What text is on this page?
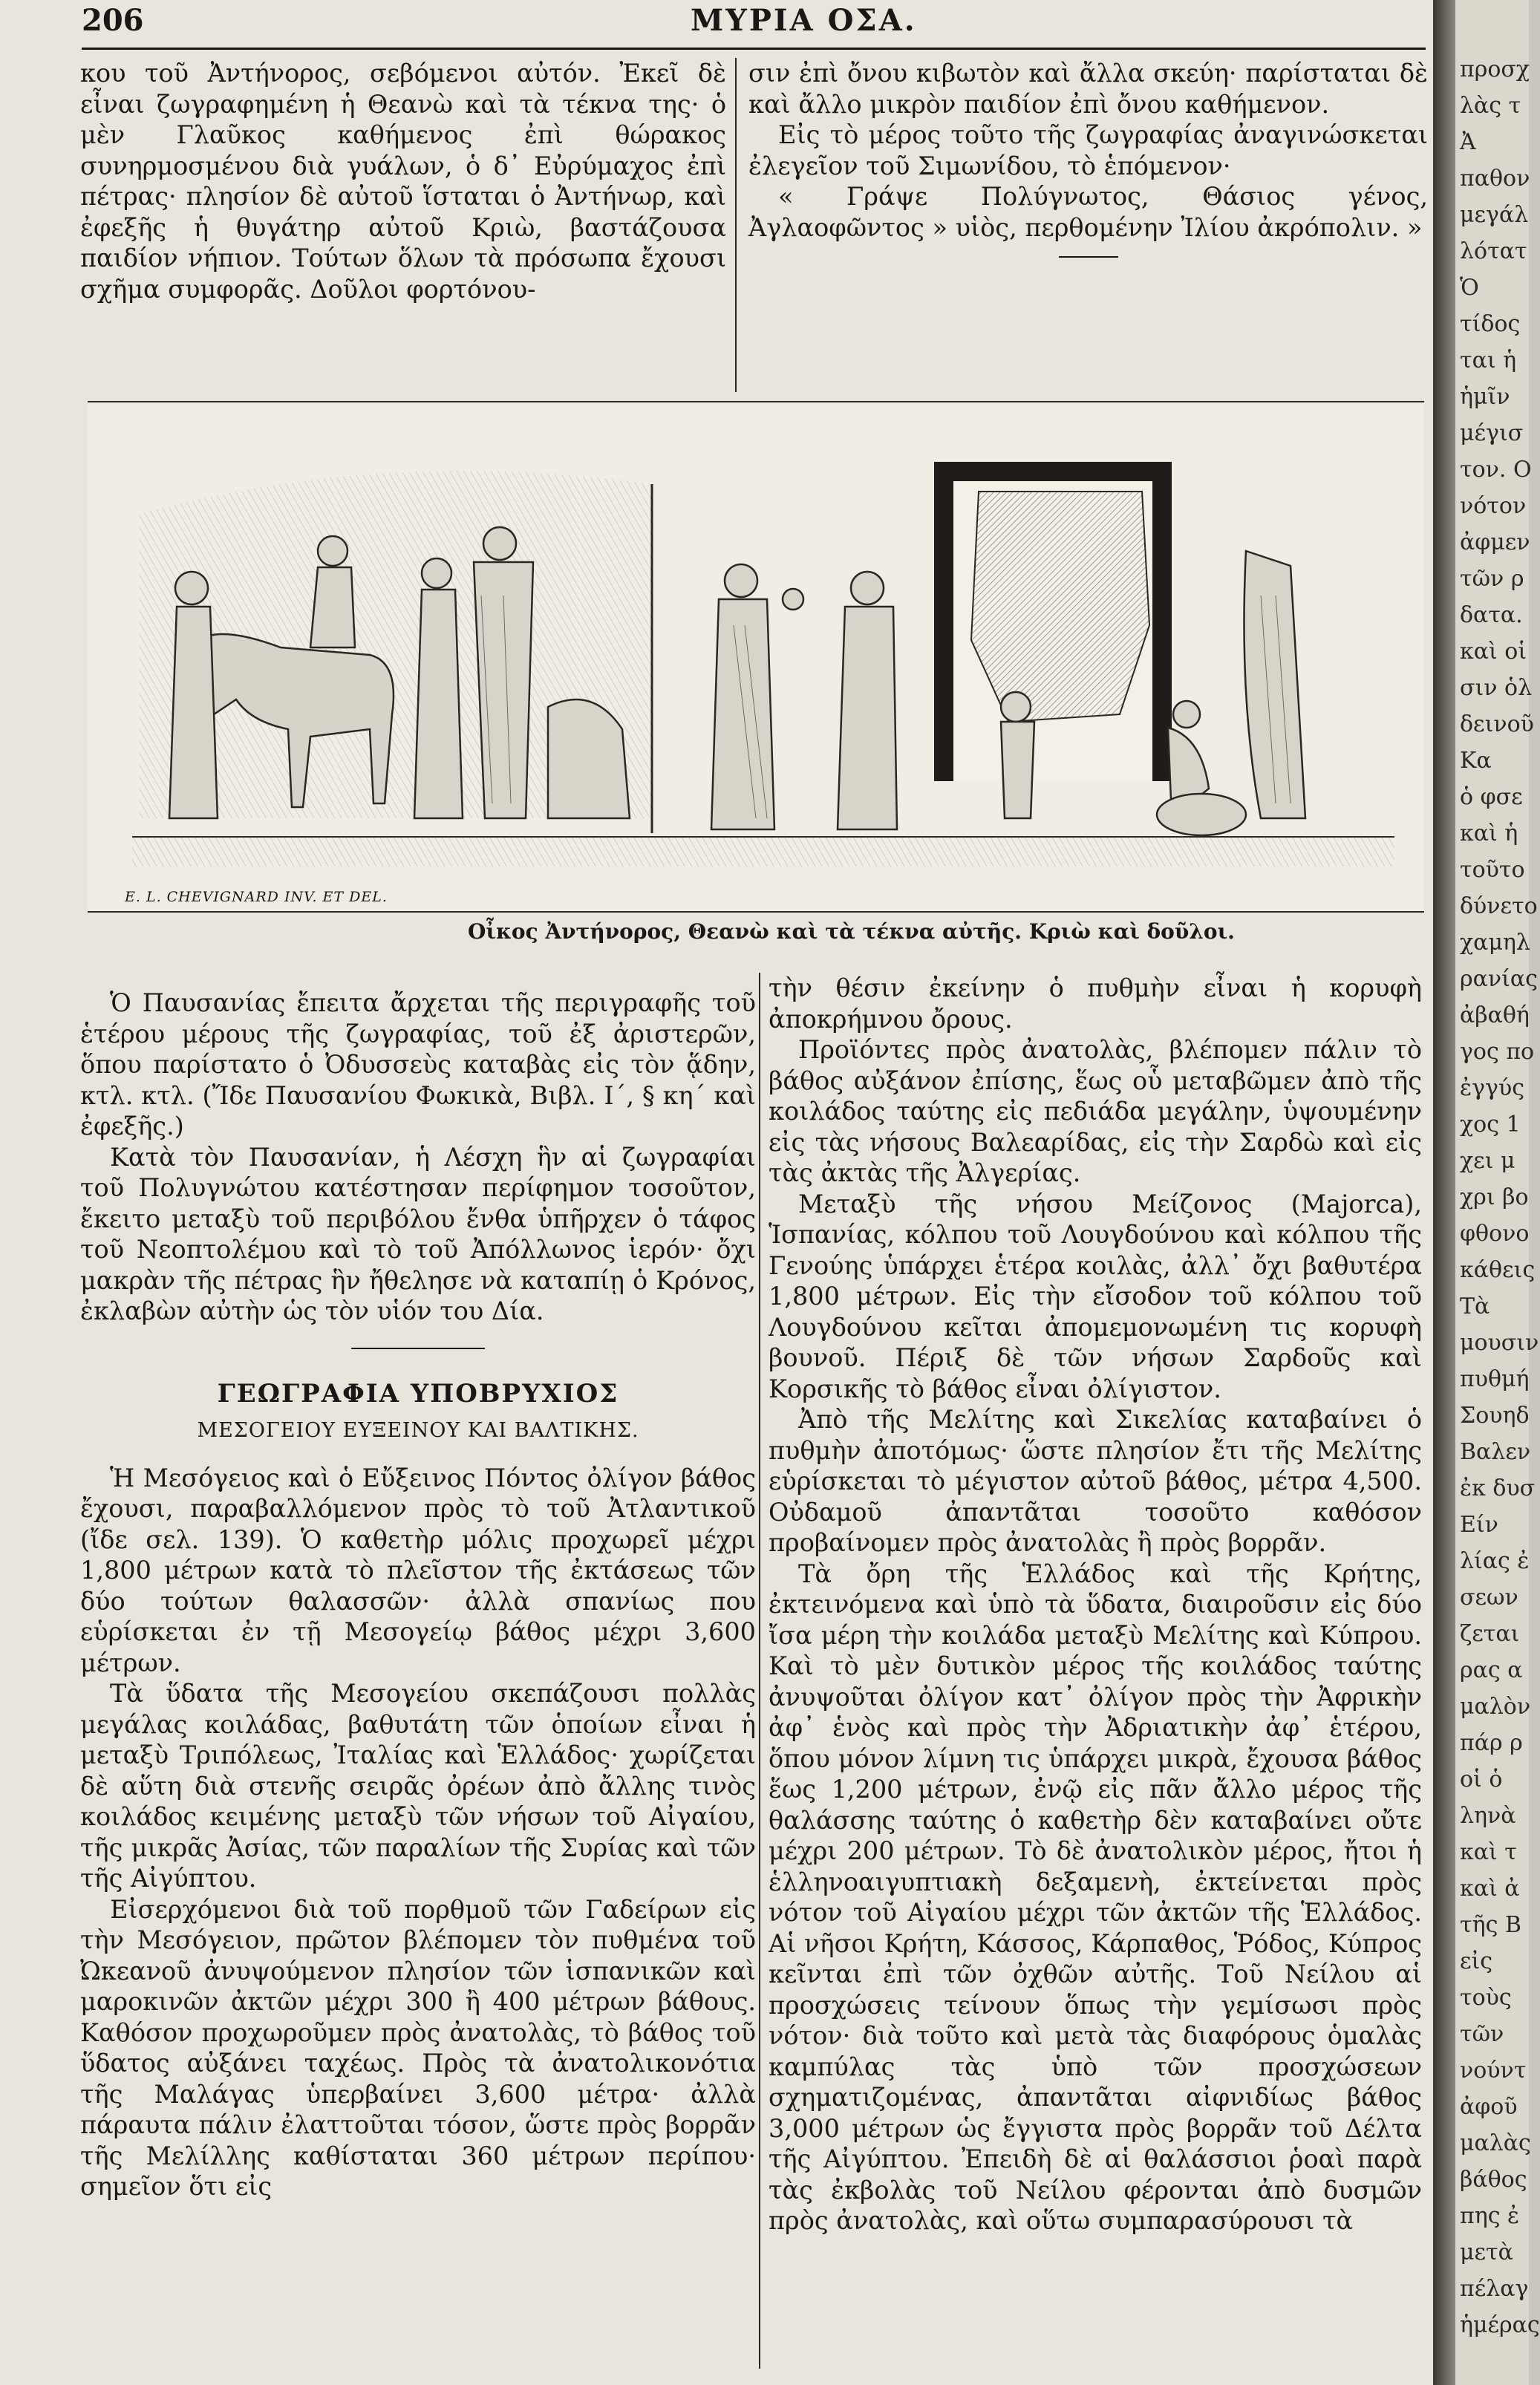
206	ΜΥΡΙΑ ΟΣΑ.

κου τοῦ Ἀντήνορος, σεβόμενοι αὐτόν. Ἐκεῖ δὲ εἶναι ζωγραφημένη ἡ Θεανὼ καὶ τὰ τέκνα της· ὁ μὲν Γλαῦκος καθήμενος ἐπὶ θώρακος συνηρμοσμένου διὰ γυάλων, ὁ δ᾽ Εὐρύμαχος ἐπὶ πέτρας· πλησίον δὲ αὐτοῦ ἵσταται ὁ Ἀντήνωρ, καὶ ἐφεξῆς ἡ θυγάτηρ αὐτοῦ Κριὼ, βαστάζουσα παιδίον νήπιον. Τούτων ὅλων τὰ πρόσωπα ἔχουσι σχῆμα συμφορᾶς. Δοῦλοι φορτόνου-

σιν ἐπὶ ὄνου κιβωτὸν καὶ ἄλλα σκεύη· παρίσταται δὲ καὶ ἄλλο μικρὸν παιδίον ἐπὶ ὄνου καθήμενον.

Εἰς τὸ μέρος τοῦτο τῆς ζωγραφίας ἀναγινώσκεται ἐλεγεῖον τοῦ Σιμωνίδου, τὸ ἑπόμενον·

« Γράψε Πολύγνωτος, Θάσιος γένος, Ἀγλαοφῶντος » υἱὸς, περθομένην Ἰλίου ἀκρόπολιν. »

E. L. CHEVIGNARD INV. ET DEL.
Οἶκος Ἀντήνορος, Θεανὼ καὶ τὰ τέκνα αὐτῆς. Κριὼ καὶ δοῦλοι.

Ὁ Παυσανίας ἔπειτα ἄρχεται τῆς περιγραφῆς τοῦ ἑτέρου μέρους τῆς ζωγραφίας, τοῦ ἐξ ἀριστερῶν, ὅπου παρίστατο ὁ Ὀδυσσεὺς καταβὰς εἰς τὸν ᾅδην, κτλ. κτλ. (Ἴδε Παυσανίου Φωκικὰ, Βιβλ. Ι´, § κη´ καὶ ἐφεξῆς.)

Κατὰ τὸν Παυσανίαν, ἡ Λέσχη ἣν αἱ ζωγραφίαι τοῦ Πολυγνώτου κατέστησαν περίφημον τοσοῦτον, ἔκειτο μεταξὺ τοῦ περιβόλου ἔνθα ὑπῆρχεν ὁ τάφος τοῦ Νεοπτολέμου καὶ τὸ τοῦ Ἀπόλλωνος ἱερόν· ὄχι μακρὰν τῆς πέτρας ἣν ἤθελησε νὰ καταπίῃ ὁ Κρόνος, ἐκλαβὼν αὐτὴν ὡς τὸν υἱόν του Δία.

ΓΕΩΓΡΑΦΙΑ ΥΠΟΒΡΥΧΙΟΣ
ΜΕΣΟΓΕΙΟΥ ΕΥΞΕΙΝΟΥ ΚΑΙ ΒΑΛΤΙΚΗΣ.

Ἡ Μεσόγειος καὶ ὁ Εὔξεινος Πόντος ὀλίγον βάθος ἔχουσι, παραβαλλόμενον πρὸς τὸ τοῦ Ἀτλαντικοῦ (ἴδε σελ. 139). Ὁ καθετὴρ μόλις προχωρεῖ μέχρι 1,800 μέτρων κατὰ τὸ πλεῖστον τῆς ἐκτάσεως τῶν δύο τούτων θαλασσῶν· ἀλλὰ σπανίως που εὑρίσκεται ἐν τῇ Μεσογείῳ βάθος μέχρι 3,600 μέτρων.

Τὰ ὕδατα τῆς Μεσογείου σκεπάζουσι πολλὰς μεγάλας κοιλάδας, βαθυτάτη τῶν ὁποίων εἶναι ἡ μεταξὺ Τριπόλεως, Ἰταλίας καὶ Ἑλλάδος· χωρίζεται δὲ αὕτη διὰ στενῆς σειρᾶς ὀρέων ἀπὸ ἄλλης τινὸς κοιλάδος κειμένης μεταξὺ τῶν νήσων τοῦ Αἰγαίου, τῆς μικρᾶς Ἀσίας, τῶν παραλίων τῆς Συρίας καὶ τῶν τῆς Αἰγύπτου.

Εἰσερχόμενοι διὰ τοῦ πορθμοῦ τῶν Γαδείρων εἰς τὴν Μεσόγειον, πρῶτον βλέπομεν τὸν πυθμένα τοῦ Ὠκεανοῦ ἀνυψούμενον πλησίον τῶν ἱσπανικῶν καὶ μαροκινῶν ἀκτῶν μέχρι 300 ἢ 400 μέτρων βάθους. Καθόσον προχωροῦμεν πρὸς ἀνατολὰς, τὸ βάθος τοῦ ὕδατος αὐξάνει ταχέως. Πρὸς τὰ ἀνατολικονότια τῆς Μαλάγας ὑπερβαίνει 3,600 μέτρα· ἀλλὰ πάραυτα πάλιν ἐλαττοῦται τόσον, ὥστε πρὸς βορρᾶν τῆς Μελίλλης καθίσταται 360 μέτρων περίπου· σημεῖον ὅτι εἰς

τὴν θέσιν ἐκείνην ὁ πυθμὴν εἶναι ἡ κορυφὴ ἀποκρήμνου ὄρους.

Προϊόντες πρὸς ἀνατολὰς, βλέπομεν πάλιν τὸ βάθος αὐξάνον ἐπίσης, ἕως οὗ μεταβῶμεν ἀπὸ τῆς κοιλάδος ταύτης εἰς πεδιάδα μεγάλην, ὑψουμένην εἰς τὰς νήσους Βαλεαρίδας, εἰς τὴν Σαρδὼ καὶ εἰς τὰς ἀκτὰς τῆς Ἀλγερίας.

Μεταξὺ τῆς νήσου Μείζονος (Majorca), Ἱσπανίας, κόλπου τοῦ Λουγδούνου καὶ κόλπου τῆς Γενούης ὑπάρχει ἑτέρα κοιλὰς, ἀλλ᾽ ὄχι βαθυτέρα 1,800 μέτρων. Εἰς τὴν εἴσοδον τοῦ κόλπου τοῦ Λουγδούνου κεῖται ἀπομεμονωμένη τις κορυφὴ βουνοῦ. Πέριξ δὲ τῶν νήσων Σαρδοῦς καὶ Κορσικῆς τὸ βάθος εἶναι ὀλίγιστον.

Ἀπὸ τῆς Μελίτης καὶ Σικελίας καταβαίνει ὁ πυθμὴν ἀποτόμως· ὥστε πλησίον ἔτι τῆς Μελίτης εὑρίσκεται τὸ μέγιστον αὐτοῦ βάθος, μέτρα 4,500. Οὐδαμοῦ ἀπαντᾶται τοσοῦτο καθόσον προβαίνομεν πρὸς ἀνατολὰς ἢ πρὸς βορρᾶν.

Τὰ ὄρη τῆς Ἑλλάδος καὶ τῆς Κρήτης, ἐκτεινόμενα καὶ ὑπὸ τὰ ὕδατα, διαιροῦσιν εἰς δύο ἴσα μέρη τὴν κοιλάδα μεταξὺ Μελίτης καὶ Κύπρου. Καὶ τὸ μὲν δυτικὸν μέρος τῆς κοιλάδος ταύτης ἀνυψοῦται ὀλίγον κατ᾽ ὀλίγον πρὸς τὴν Ἀφρικὴν ἀφ᾽ ἑνὸς καὶ πρὸς τὴν Ἀδριατικὴν ἀφ᾽ ἑτέρου, ὅπου μόνον λίμνη τις ὑπάρχει μικρὰ, ἔχουσα βάθος ἕως 1,200 μέτρων, ἐνῷ εἰς πᾶν ἄλλο μέρος τῆς θαλάσσης ταύτης ὁ καθετὴρ δὲν καταβαίνει οὔτε μέχρι 200 μέτρων. Τὸ δὲ ἀνατολικὸν μέρος, ἤτοι ἡ ἑλληνοαιγυπτιακὴ δεξαμενὴ, ἐκτείνεται πρὸς νότον τοῦ Αἰγαίου μέχρι τῶν ἀκτῶν τῆς Ἑλλάδος. Αἱ νῆσοι Κρήτη, Κάσσος, Κάρπαθος, Ῥόδος, Κύπρος κεῖνται ἐπὶ τῶν ὀχθῶν αὐτῆς. Τοῦ Νείλου αἱ προσχώσεις τείνουν ὅπως τὴν γεμίσωσι πρὸς νότον· διὰ τοῦτο καὶ μετὰ τὰς διαφόρους ὁμαλὰς καμπύλας τὰς ὑπὸ τῶν προσχώσεων σχηματιζομένας, ἀπαντᾶται αἰφνιδίως βάθος 3,000 μέτρων ὡς ἔγγιστα πρὸς βορρᾶν τοῦ Δέλτα τῆς Αἰγύπτου. Ἐπειδὴ δὲ αἱ θαλάσσιοι ῥοαὶ παρὰ τὰς ἐκβολὰς τοῦ Νείλου φέρονται ἀπὸ δυσμῶν πρὸς ἀνατολὰς, καὶ οὕτω συμπαρασύρουσι τὰ

προσχ
λὰς τ
Ἀ
παθον
μεγάλ
λότατ
Ὁ
τίδος
ται ἡ
ἡμῖν
μέγισ
τον. Ο
νότον
ἀφμεν
τῶν ρ
δατα.
καὶ οἱ
σιν ὁλ
δεινοῦ
Κα
ὁ φσε
καὶ ἡ
τοῦτο
δύνετο
χαμηλ
ρανίας
ἀβαθή
γος πο
ἐγγύς
χος 1
χει μ
χρι βο
φθονο
κάθεις
Τὰ
μουσιν
πυθμή
Σουηδ
Βαλεν
ἐκ δυσ
Είν
λίας ἐ
σεων
ζεται
ρας α
μαλὸν
πάρ ρ
οἱ ὁ
ληνὰ
καὶ τ
καὶ ἀ
τῆς Β
εἰς
τοὺς
τῶν
νούντ
ἀφοῦ
μαλὰς
βάθος
πης ἐ
μετὰ
πέλαγ
ἡμέρας
